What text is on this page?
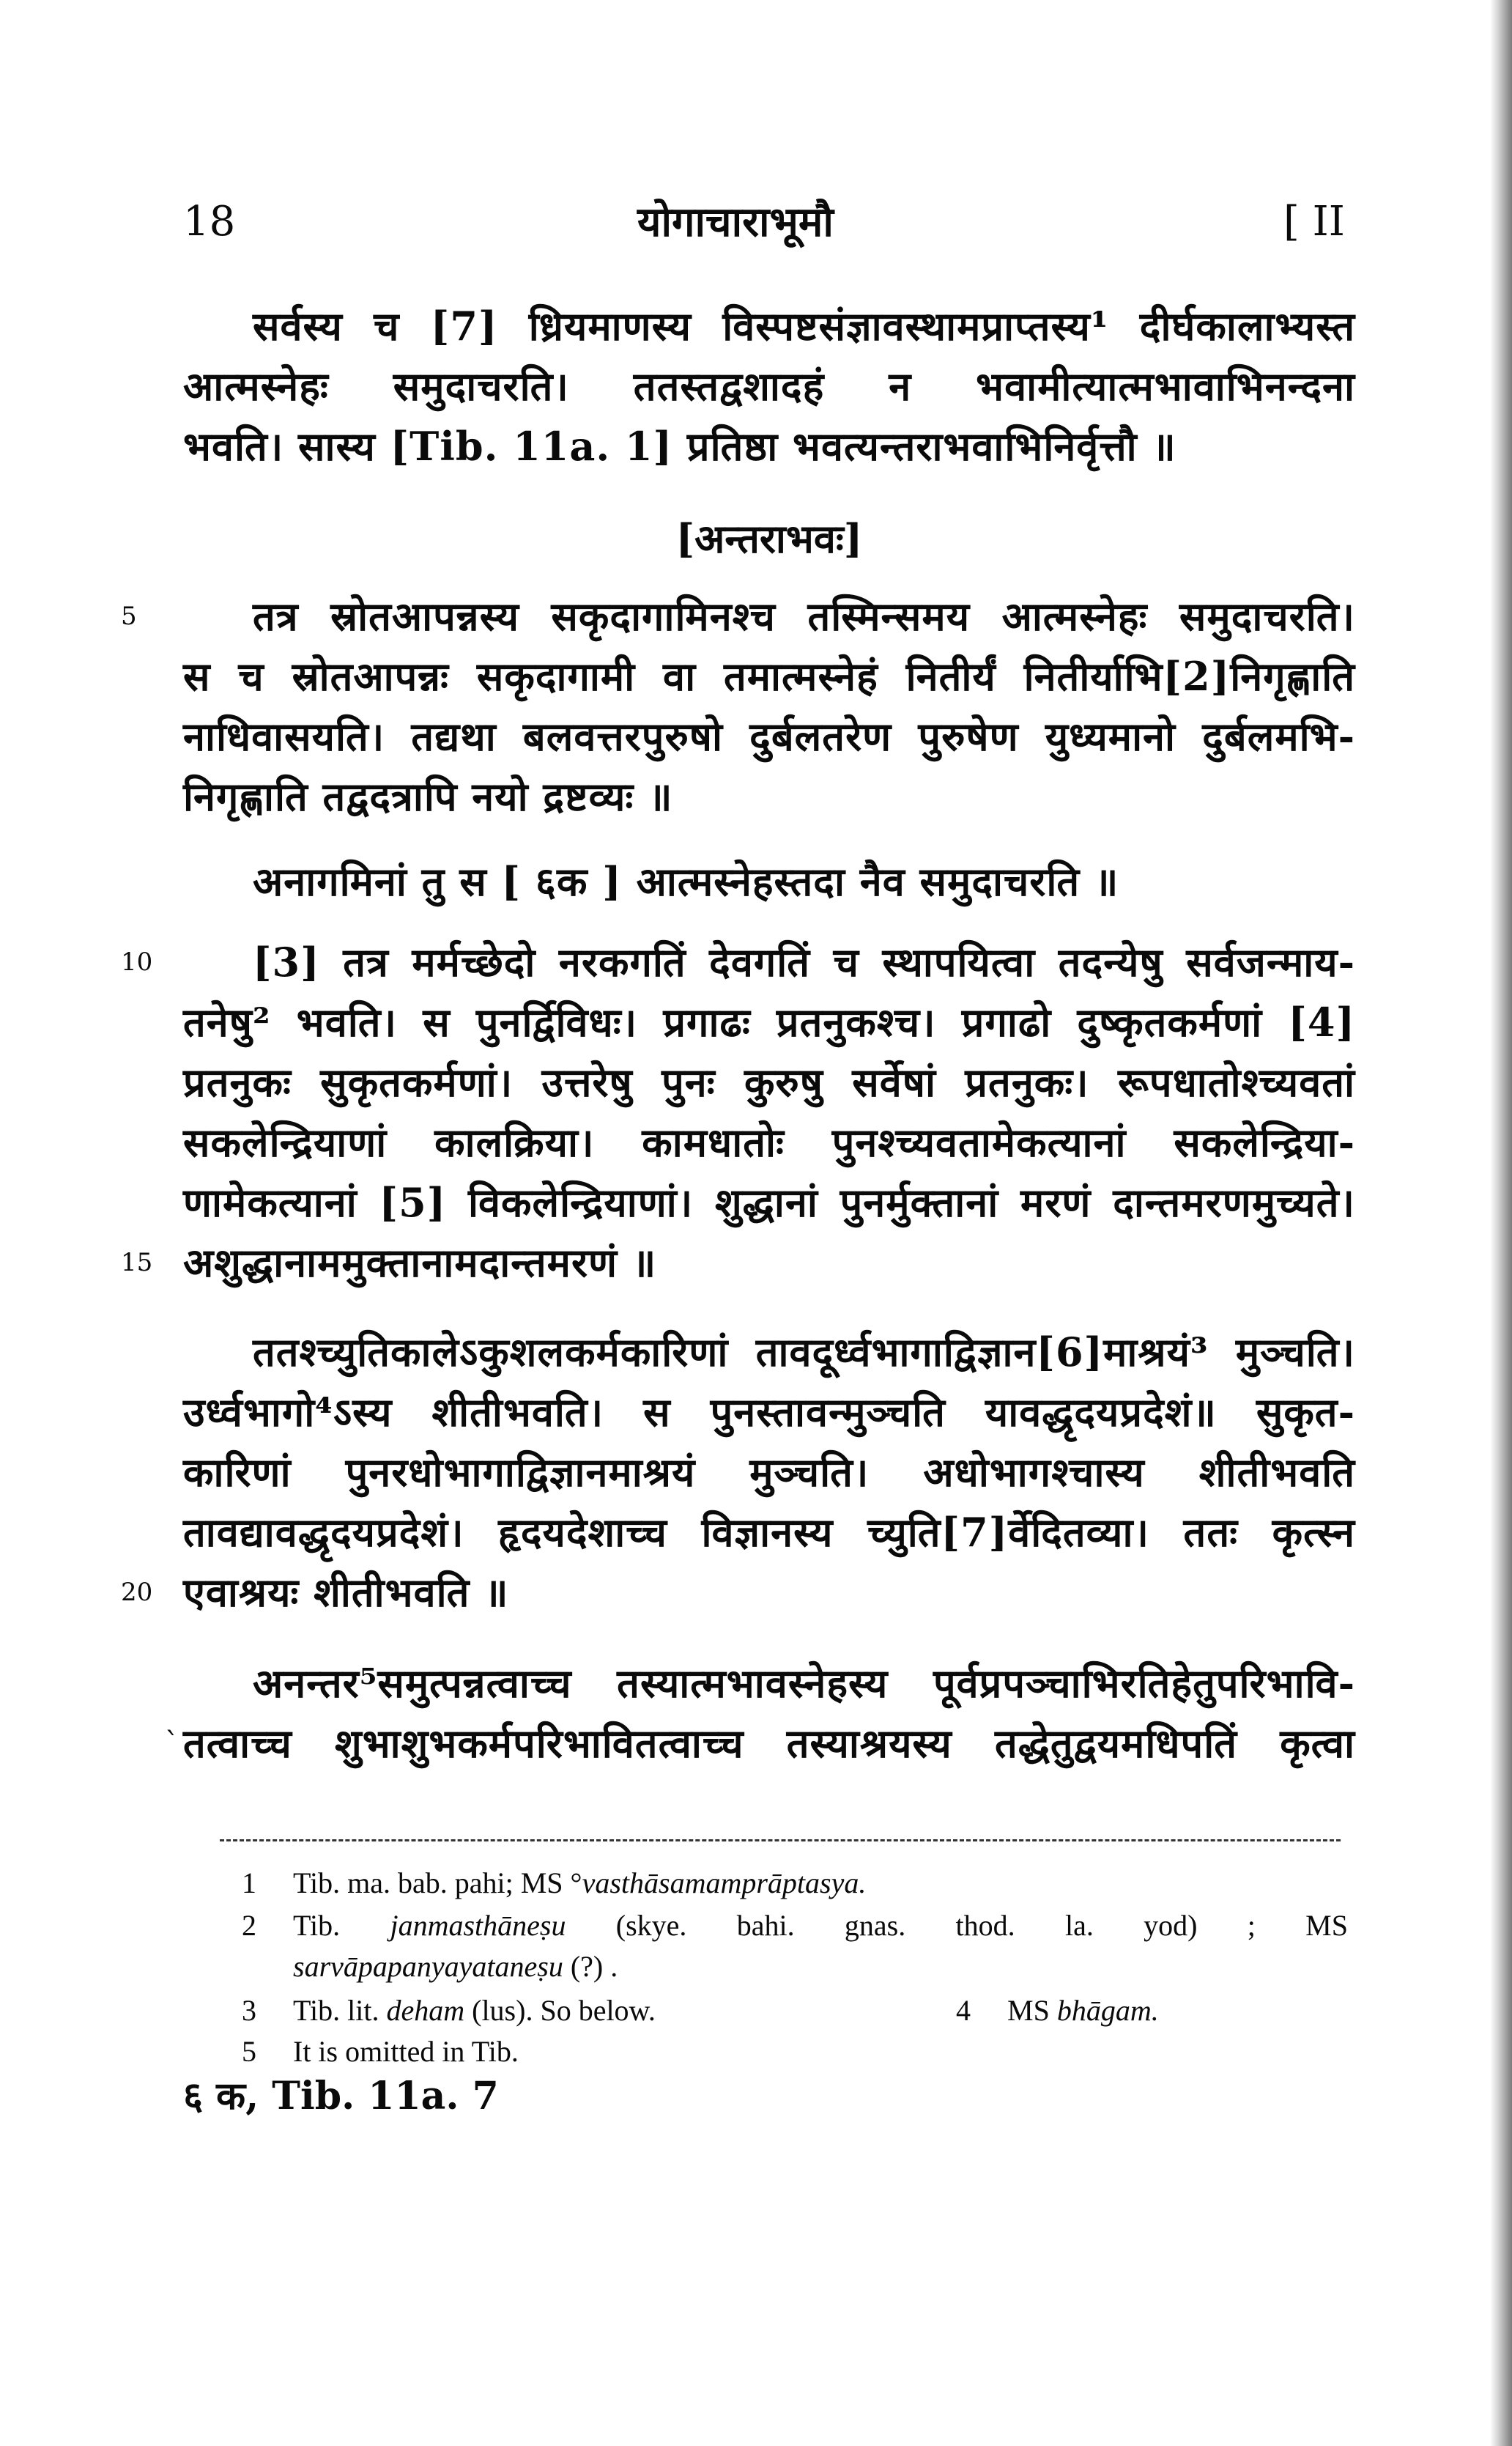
18	योगाचाराभूमौ	[ II
सर्वस्य च [7] ध्रियमाणस्य विस्पष्टसंज्ञावस्थामप्राप्तस्य¹ दीर्घकालाभ्यस्त
आत्मस्नेहः समुदाचरति। ततस्तद्वशादहं न भवामीत्यात्मभावाभिनन्दना
भवति। सास्य [Tib. 11a. 1] प्रतिष्ठा भवत्यन्तराभवाभिनिर्वृत्तौ ॥
[अन्तराभवः]
5	तत्र स्रोतआपन्नस्य सकृदागामिनश्च तस्मिन्समय आत्मस्नेहः समुदाचरति।
स च स्रोतआपन्नः सकृदागामी वा तमात्मस्नेहं नितीर्यं नितीर्याभि[2]निगृह्णाति
नाधिवासयति। तद्यथा बलवत्तरपुरुषो दुर्बलतरेण पुरुषेण युध्यमानो दुर्बलमभि-
निगृह्णाति तद्वदत्रापि नयो द्रष्टव्यः ॥
अनागमिनां तु स [ ६क ] आत्मस्नेहस्तदा नैव समुदाचरति ॥
10	[3] तत्र मर्मच्छेदो नरकगतिं देवगतिं च स्थापयित्वा तदन्येषु सर्वजन्माय-
तनेषु² भवति। स पुनर्द्विविधः। प्रगाढः प्रतनुकश्च। प्रगाढो दुष्कृतकर्मणां [4]
प्रतनुकः सुकृतकर्मणां। उत्तरेषु पुनः कुरुषु सर्वेषां प्रतनुकः। रूपधातोश्च्यवतां
सकलेन्द्रियाणां कालक्रिया। कामधातोः पुनश्च्यवतामेकत्यानां सकलेन्द्रिया-
णामेकत्यानां [5] विकलेन्द्रियाणां। शुद्धानां पुनर्मुक्तानां मरणं दान्तमरणमुच्यते।
15 अशुद्धानाममुक्तानामदान्तमरणं ॥
ततश्च्युतिकालेऽकुशलकर्मकारिणां तावदूर्ध्वभागाद्विज्ञान[6]माश्रयं³ मुञ्चति।
उर्ध्वभागो⁴ऽस्य शीतीभवति। स पुनस्तावन्मुञ्चति यावद्धृदयप्रदेशं॥ सुकृत-
कारिणां पुनरधोभागाद्विज्ञानमाश्रयं मुञ्चति। अधोभागश्चास्य शीतीभवति
तावद्यावद्धृदयप्रदेशं। हृदयदेशाच्च विज्ञानस्य च्युति[7]र्वेदितव्या। ततः कृत्स्न
20 एवाश्रयः शीतीभवति ॥
अनन्तर⁵समुत्पन्नत्वाच्च तस्यात्मभावस्नेहस्य पूर्वप्रपञ्चाभिरतिहेतुपरिभावि-
` तत्वाच्च शुभाशुभकर्मपरिभावितत्वाच्च तस्याश्रयस्य तद्धेतुद्वयमधिपतिं कृत्वा
1 Tib. ma. bab. pahi; MS °vasthāsamamprāptasya.
2 Tib. janmasthāneṣu (skye. bahi. gnas. thod. la. yod) ; MS
sarvāpapanyayataneṣu (?) .
3 Tib. lit. deham (lus). So below.	4 MS bhāgam.
5 It is omitted in Tib.
६ क, Tib. 11a. 7
